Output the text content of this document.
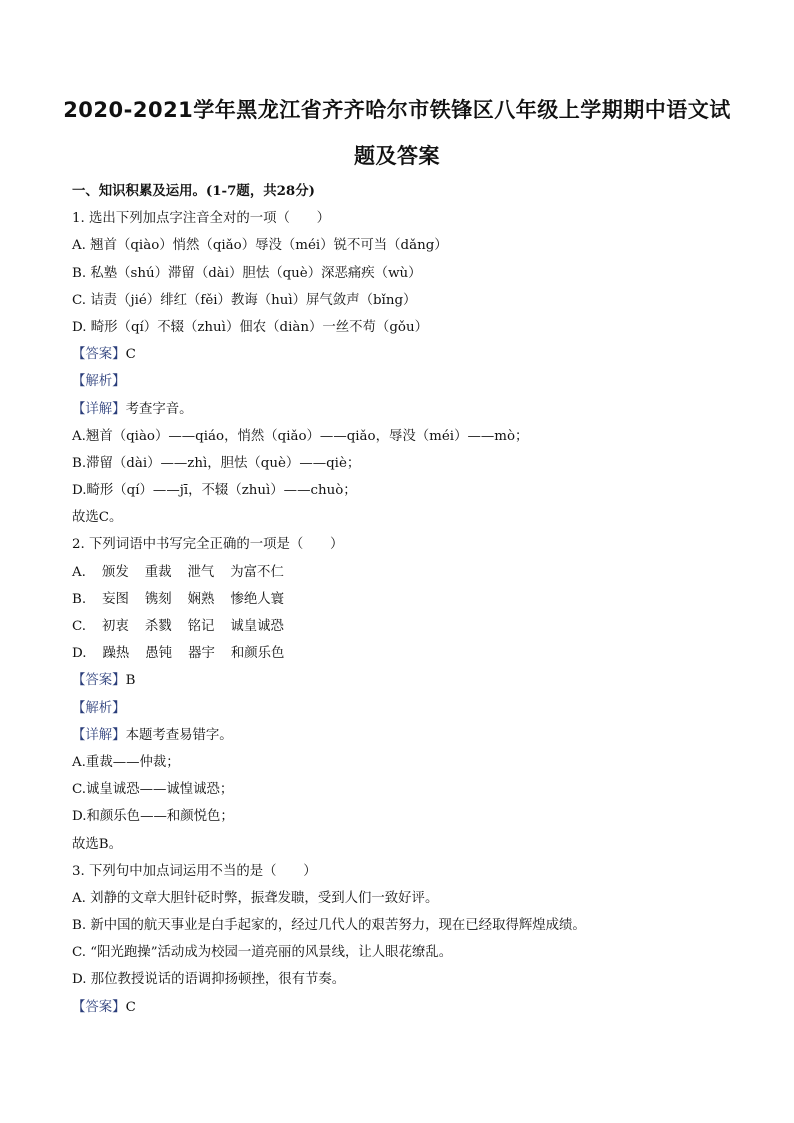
2020-2021学年黑龙江省齐齐哈尔市铁锋区八年级上学期期中语文试
题及答案
一、知识积累及运用。(1-7题，共28分)
1. 选出下列加点字注音全对的一项（　　）
A. 翘首（qiào）悄然（qiǎo）辱没（méi）锐不可当（dǎng）
B. 私塾（shú）滞留（dài）胆怯（què）深恶痛疾（wù）
C. 诘责（jié）绯红（fěi）教诲（huì）屏气敛声（bǐng）
D. 畸形（qí）不辍（zhuì）佃农（diàn）一丝不苟（gǒu）
【答案】C
【解析】
【详解】考查字音。
A.翘首（qiào）——qiáo，悄然（qiǎo）——qiǎo，辱没（méi）——mò；
B.滞留（dài）——zhì，胆怯（què）——qiè；
D.畸形（qí）——jī，不辍（zhuì）——chuò；
故选C。
2. 下列词语中书写完全正确的一项是（　　）
A. 颁发 重裁 泄气 为富不仁
B. 妄图 镌刻 娴熟 惨绝人寰
C. 初衷 杀戮 铭记 诚皇诚恐
D. 躁热 愚钝 器宇 和颜乐色
【答案】B
【解析】
【详解】本题考查易错字。
A.重裁——仲裁；
C.诚皇诚恐——诚惶诚恐；
D.和颜乐色——和颜悦色；
故选B。
3. 下列句中加点词运用不当的是（　　）
A. 刘静的文章大胆针砭时弊，振聋发聩，受到人们一致好评。
B. 新中国的航天事业是白手起家的，经过几代人的艰苦努力，现在已经取得辉煌成绩。
C. “阳光跑操”活动成为校园一道亮丽的风景线，让人眼花缭乱。
D. 那位教授说话的语调抑扬顿挫，很有节奏。
【答案】C
